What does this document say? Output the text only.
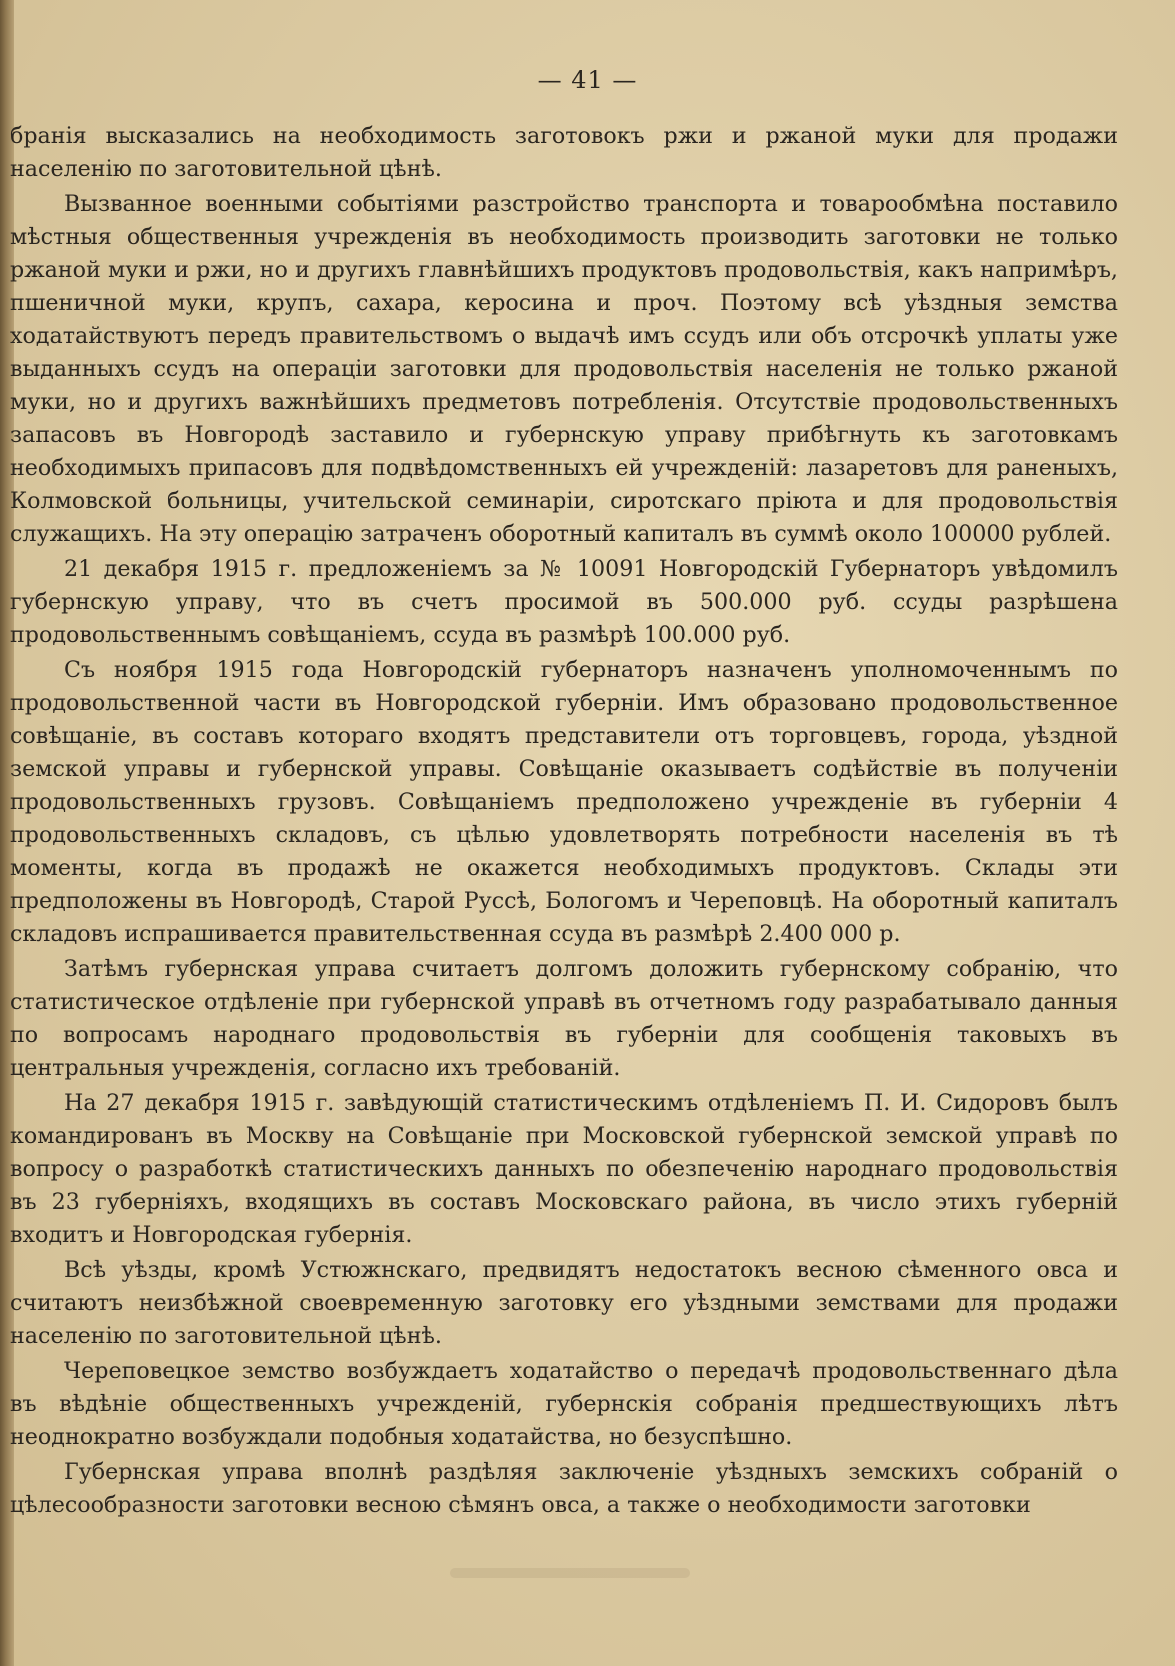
— 41 —

бранія высказались на необходимость заготовокъ ржи и ржаной муки для продажи населенію по заготовительной цѣнѣ.

Вызванное военными событіями разстройство транспорта и товарообмѣна поставило мѣстныя общественныя учрежденія въ необходимость производить заготовки не только ржаной муки и ржи, но и другихъ главнѣйшихъ продуктовъ продовольствія, какъ напримѣръ, пшеничной муки, крупъ, сахара, керосина и проч. Поэтому всѣ уѣздныя земства ходатайствуютъ передъ правительствомъ о выдачѣ имъ ссудъ или объ отсрочкѣ уплаты уже выданныхъ ссудъ на операціи заготовки для продовольствія населенія не только ржаной муки, но и другихъ важнѣйшихъ предметовъ потребленія. Отсутствіе продовольственныхъ запасовъ въ Новгородѣ заставило и губернскую управу прибѣгнуть къ заготовкамъ необходимыхъ припасовъ для подвѣдомственныхъ ей учрежденій: лазаретовъ для раненыхъ, Колмовской больницы, учительской семинаріи, сиротскаго пріюта и для продовольствія служащихъ. На эту операцію затраченъ оборотный капиталъ въ суммѣ около 100000 рублей.

21 декабря 1915 г. предложеніемъ за № 10091 Новгородскій Губернаторъ увѣдомилъ губернскую управу, что въ счетъ просимой въ 500.000 руб. ссуды разрѣшена продовольственнымъ совѣщаніемъ, ссуда въ размѣрѣ 100.000 руб.

Съ ноября 1915 года Новгородскій губернаторъ назначенъ уполномоченнымъ по продовольственной части въ Новгородской губерніи. Имъ образовано продовольственное совѣщаніе, въ составъ котораго входятъ представители отъ торговцевъ, города, уѣздной земской управы и губернской управы. Совѣщаніе оказываетъ содѣйствіе въ полученіи продовольственныхъ грузовъ. Совѣщаніемъ предположено учрежденіе въ губерніи 4 продовольственныхъ складовъ, съ цѣлью удовлетворять потребности населенія въ тѣ моменты, когда въ продажѣ не окажется необходимыхъ продуктовъ. Склады эти предположены въ Новгородѣ, Старой Руссѣ, Бологомъ и Череповцѣ. На оборотный капиталъ складовъ испрашивается правительственная ссуда въ размѣрѣ 2.400 000 р.

Затѣмъ губернская управа считаетъ долгомъ доложить губернскому собранію, что статистическое отдѣленіе при губернской управѣ въ отчетномъ году разрабатывало данныя по вопросамъ народнаго продовольствія въ губерніи для сообщенія таковыхъ въ центральныя учрежденія, согласно ихъ требованій.

На 27 декабря 1915 г. завѣдующій статистическимъ отдѣленіемъ П. И. Сидоровъ былъ командированъ въ Москву на Совѣщаніе при Московской губернской земской управѣ по вопросу о разработкѣ статистическихъ данныхъ по обезпеченію народнаго продовольствія въ 23 губерніяхъ, входящихъ въ составъ Московскаго района, въ число этихъ губерній входитъ и Новгородская губернія.

Всѣ уѣзды, кромѣ Устюжнскаго, предвидятъ недостатокъ весною сѣменного овса и считаютъ неизбѣжной своевременную заготовку его уѣздными земствами для продажи населенію по заготовительной цѣнѣ.

Череповецкое земство возбуждаетъ ходатайство о передачѣ продовольственнаго дѣла въ вѣдѣніе общественныхъ учрежденій, губернскія собранія предшествующихъ лѣтъ неоднократно возбуждали подобныя ходатайства, но безуспѣшно.

Губернская управа вполнѣ раздѣляя заключеніе уѣздныхъ земскихъ собраній о цѣлесообразности заготовки весною сѣмянъ овса, а также о необходимости заготовки
